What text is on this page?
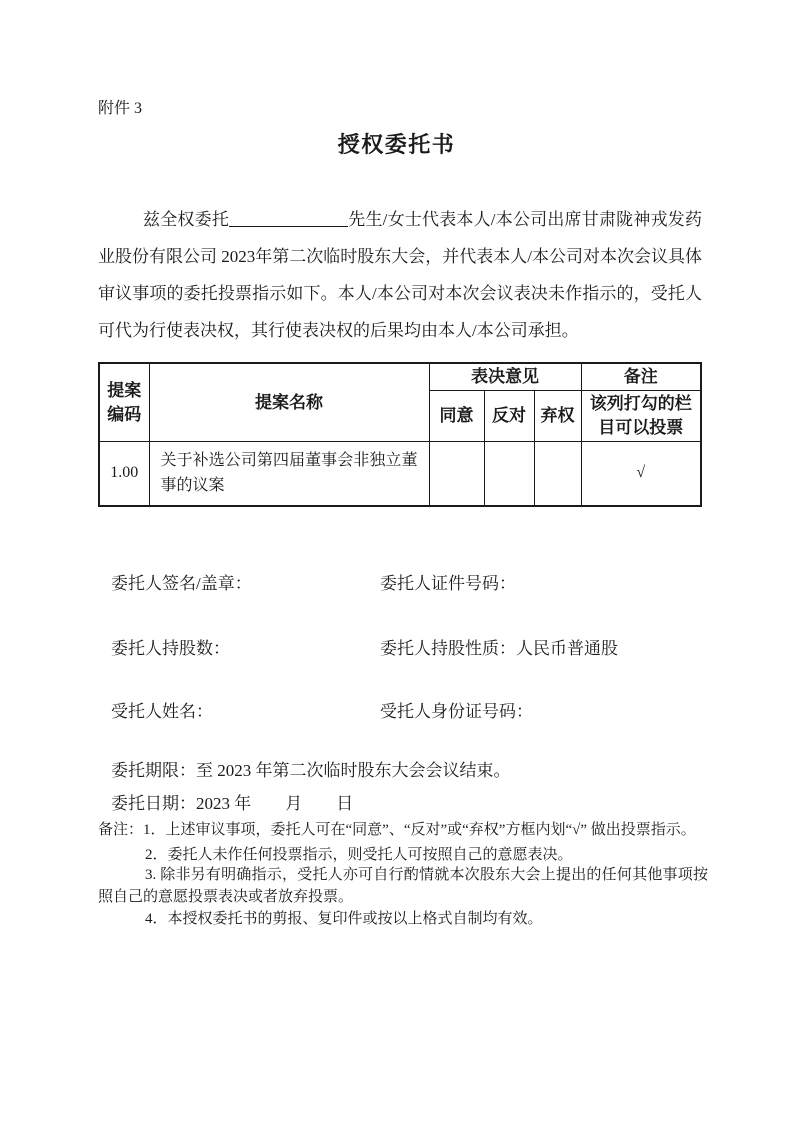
附件 3
授权委托书

兹全权委托	先生/女士代表本人/本公司出席甘肃陇神戎发药业股份有限公司 2023年第二次临时股东大会，并代表本人/本公司对本次会议具体审议事项的委托投票指示如下。本人/本公司对本次会议表决未作指示的，受托人可代为行使表决权，其行使表决权的后果均由本人/本公司承担。

提案编码	提案名称	表决意见			备注
		同意	反对	弃权	该列打勾的栏目可以投票
1.00	关于补选公司第四届董事会非独立董事的议案				√
委托人签名/盖章：	委托人证件号码：
委托人持股数：	委托人持股性质：人民币普通股
受托人姓名：	受托人身份证号码：
委托期限：至 2023 年第二次临时股东大会会议结束。
委托日期：2023 年　　月　　日
备注：1．上述审议事项，委托人可在“同意”、“反对”或“弃权”方框内划“√” 做出投票指示。
2．委托人未作任何投票指示，则受托人可按照自己的意愿表决。
3. 除非另有明确指示，受托人亦可自行酌情就本次股东大会上提出的任何其他事项按照自己的意愿投票表决或者放弃投票。
4．本授权委托书的剪报、复印件或按以上格式自制均有效。
